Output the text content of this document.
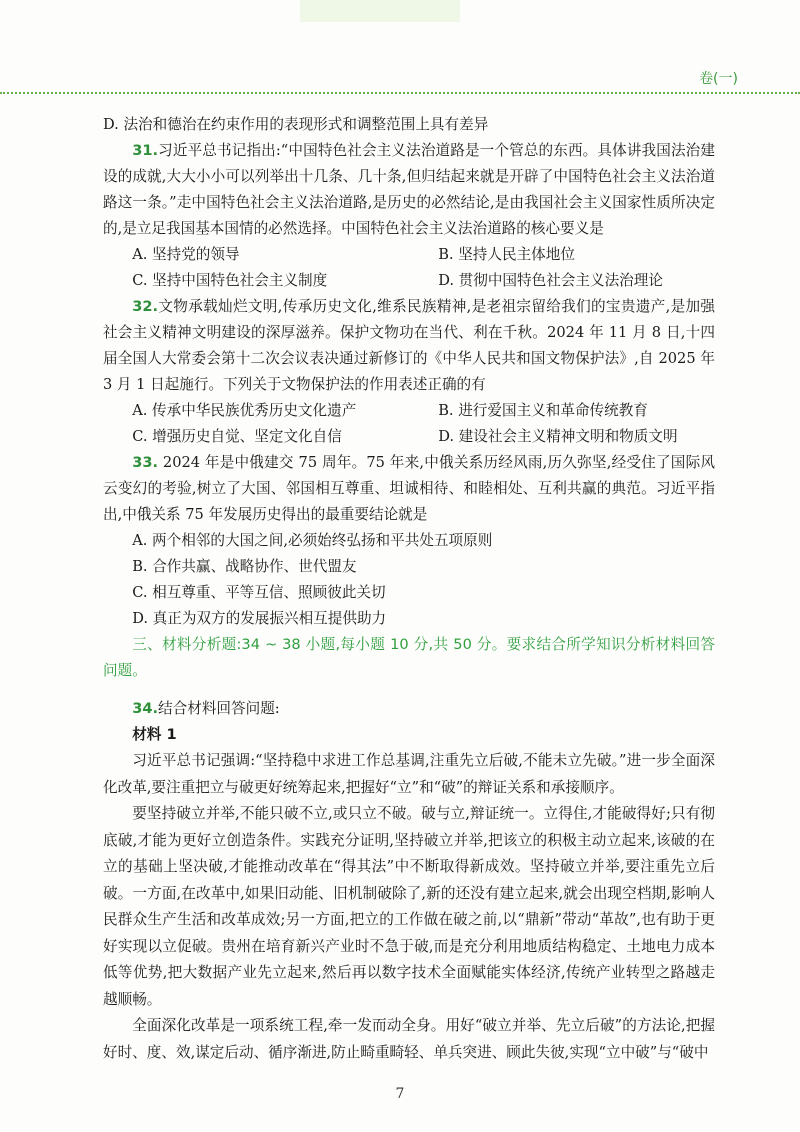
卷(一)

D. 法治和德治在约束作用的表现形式和调整范围上具有差异

31.习近平总书记指出:“中国特色社会主义法治道路是一个管总的东西。具体讲我国法治建设的成就,大大小小可以列举出十几条、几十条,但归结起来就是开辟了中国特色社会主义法治道路这一条。”走中国特色社会主义法治道路,是历史的必然结论,是由我国社会主义国家性质所决定的,是立足我国基本国情的必然选择。中国特色社会主义法治道路的核心要义是

A. 坚持党的领导	B. 坚持人民主体地位
C. 坚持中国特色社会主义制度	D. 贯彻中国特色社会主义法治理论

32.文物承载灿烂文明,传承历史文化,维系民族精神,是老祖宗留给我们的宝贵遗产,是加强社会主义精神文明建设的深厚滋养。保护文物功在当代、利在千秋。2024 年 11 月 8 日,十四届全国人大常委会第十二次会议表决通过新修订的《中华人民共和国文物保护法》,自 2025 年 3 月 1 日起施行。下列关于文物保护法的作用表述正确的有

A. 传承中华民族优秀历史文化遗产	B. 进行爱国主义和革命传统教育
C. 增强历史自觉、坚定文化自信	D. 建设社会主义精神文明和物质文明

33. 2024 年是中俄建交 75 周年。75 年来,中俄关系历经风雨,历久弥坚,经受住了国际风云变幻的考验,树立了大国、邻国相互尊重、坦诚相待、和睦相处、互利共赢的典范。习近平指出,中俄关系 75 年发展历史得出的最重要结论就是

A. 两个相邻的大国之间,必须始终弘扬和平共处五项原则

B. 合作共赢、战略协作、世代盟友

C. 相互尊重、平等互信、照顾彼此关切

D. 真正为双方的发展振兴相互提供助力

三、材料分析题:34 ~ 38 小题,每小题 10 分,共 50 分。要求结合所学知识分析材料回答问题。

34.结合材料回答问题:

材料 1

习近平总书记强调:“坚持稳中求进工作总基调,注重先立后破,不能未立先破。”进一步全面深化改革,要注重把立与破更好统筹起来,把握好“立”和“破”的辩证关系和承接顺序。

要坚持破立并举,不能只破不立,或只立不破。破与立,辩证统一。立得住,才能破得好;只有彻底破,才能为更好立创造条件。实践充分证明,坚持破立并举,把该立的积极主动立起来,该破的在立的基础上坚决破,才能推动改革在“得其法”中不断取得新成效。坚持破立并举,要注重先立后破。一方面,在改革中,如果旧动能、旧机制破除了,新的还没有建立起来,就会出现空档期,影响人民群众生产生活和改革成效;另一方面,把立的工作做在破之前,以“鼎新”带动“革故”,也有助于更好实现以立促破。贵州在培育新兴产业时不急于破,而是充分利用地质结构稳定、土地电力成本低等优势,把大数据产业先立起来,然后再以数字技术全面赋能实体经济,传统产业转型之路越走越顺畅。

全面深化改革是一项系统工程,牵一发而动全身。用好“破立并举、先立后破”的方法论,把握好时、度、效,谋定后动、循序渐进,防止畸重畸轻、单兵突进、顾此失彼,实现“立中破”与“破中

7
